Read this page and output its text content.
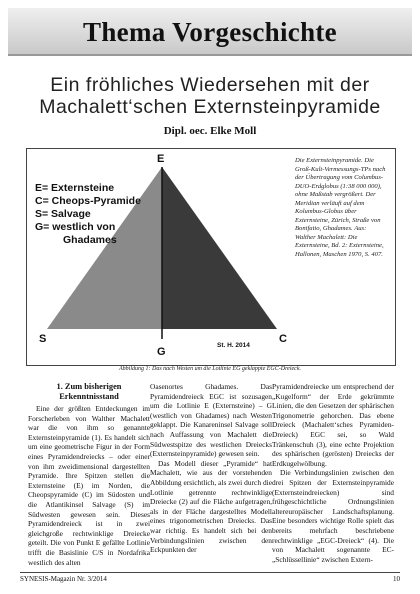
Thema Vorgeschichte
Ein fröhliches Wiedersehen mit der
Machalett‘schen Externsteinpyramide
Dipl. oec. Elke Moll
E= Externsteine
C= Cheops-Pyramide
S= Salvage
G= westlich von
Ghadames
E
S
G
C
St. H. 2014
Die Externsteinpyramide. Die Groß-Kult-Vermessungs-TPs nach der Übertragung vom Columbus-DUO-Erdglobus (1:38 000 000), ohne Maßstab vergrößert. Der Meridian verläuft auf dem Kolumbus-Globus über Externsteine, Zürich, Straße von Bonifatio, Ghadames. Aus: Walther Machalett: Die Externsteine, Bd. 2: Externsteine, Hallonen, Maschen 1970, S. 407.
Abbildung 1: Das nach Westen um die Lotlinie EG geklappte EGC-Dreieck.
1. Zum bisherigen Erkenntnisstand

Eine der größten Entdeckungen im Forscherleben von Walther Machalett war die von ihm so genannte Externsteinpyramide (1). Es handelt sich um eine geometrische Figur in der Form eines Pyramidendreiecks – oder einer von ihm zweidimensional dargestellten Pyramide. Ihre Spitzen stellen die Externsteine (E) im Norden, die Cheopspyramide (C) im Südosten und die Atlantikinsel Salvage (S) im Südwesten gewesen sein. Dieses Pyramidendreieck ist in zwei gleichgroße rechtwinklige Dreiecke geteilt. Die von Punkt E gefällte Lotlinie trifft die Basislinie C/S in Nordafrika westlich des alten

Oasenortes Ghadames. Das Pyramidendreieck EGC ist sozusagen um die Lotlinie E (Externsteine) – G (westlich von Ghadames) nach Westen geklappt. Die Kanareninsel Salvage soll nach Auffassung von Machalett die Südwestspitze des westlichen Dreiecks (Externsteinpyramide) gewesen sein.

Das Modell dieser „Pyramide“ hat Machalett, wie aus der vorstehenden Abbildung ersichtlich, als zwei durch die Lotlinie getrennte rechtwinklige Dreiecke (2) auf die Fläche aufgetragen, als in der Fläche dargestelltes Modell eines trigonometrischen Dreiecks. Das war richtig. Es handelt sich bei den Verbindungslinien zwischen den Eckpunkten der

Pyramidendreiecke um entsprechend der „Kugelform“ der Erde gekrümmte Linien, die den Gesetzen der sphärischen Trigonometrie gehorchen. Das ebene Dreieck (Machalett‘sches Pyramiden-Dreieck) EGC sei, so Wald Tränkenschuh (3), eine echte Projektion des sphärischen (gerösten) Dreiecks der Erdkugelwölbung.

Die Verbindungslinien zwischen den drei Spitzen der Externsteinpyramide (Externsteindreiecken) sind frühgeschichtliche Ordnungslinien altereuropäischer Landschaftsplanung. Eine besonders wichtige Rolle spielt das bereits mehrfach beschriebene rechtwinklige „EGC-Dreieck“ (4). Die von Machalett sogenannte EC-„Schlüssellinie“ zwischen Extern-

SYNESIS-Magazin Nr. 3/2014	10
